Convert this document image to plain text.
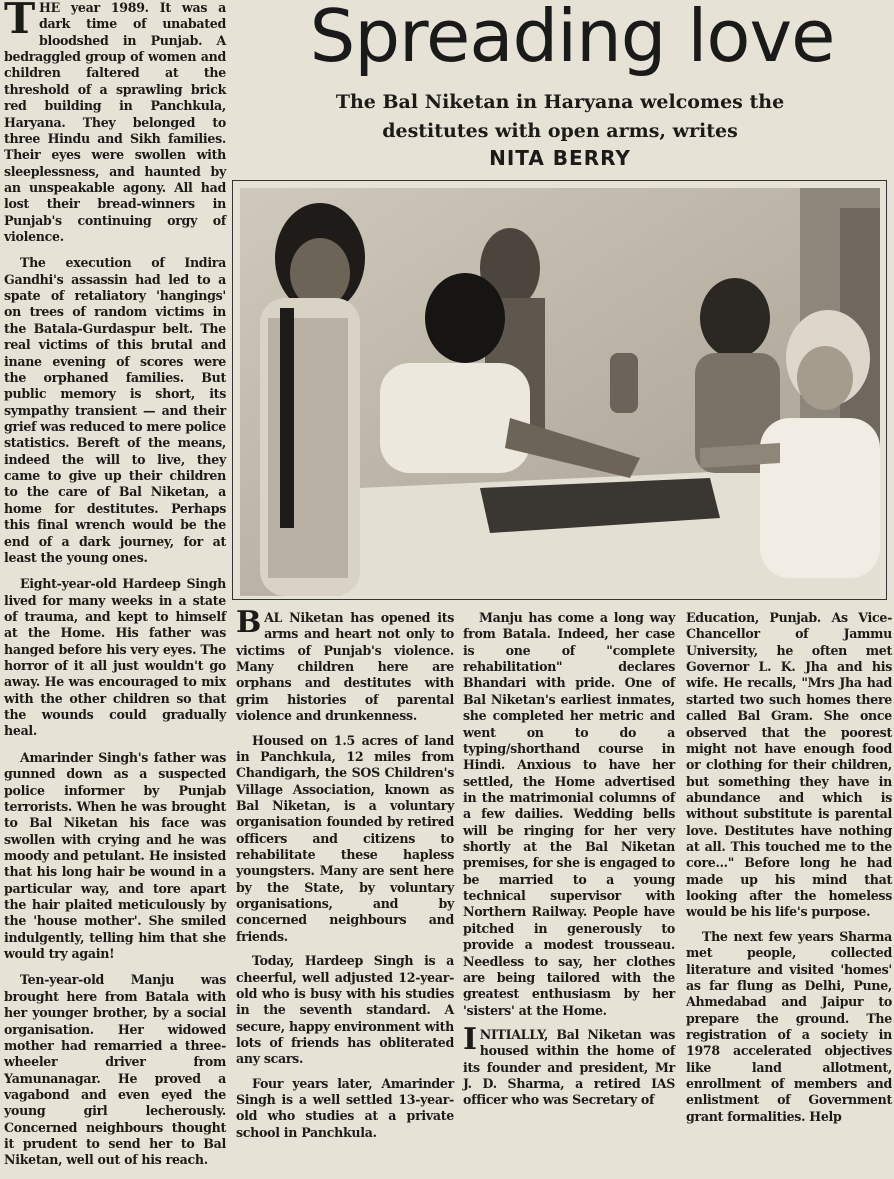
THE year 1989. It was a dark time of unabated bloodshed in Punjab. A bedraggled group of women and children faltered at the threshold of a sprawling brick red building in Panchkula, Haryana. They belonged to three Hindu and Sikh families. Their eyes were swollen with sleeplessness, and haunted by an unspeakable agony. All had lost their bread-winners in Punjab's continuing orgy of violence.

The execution of Indira Gandhi's assassin had led to a spate of retaliatory 'hangings' on trees of random victims in the Batala-Gurdaspur belt. The real victims of this brutal and inane evening of scores were the orphaned families. But public memory is short, its sympathy transient — and their grief was reduced to mere police statistics. Bereft of the means, indeed the will to live, they came to give up their children to the care of Bal Niketan, a home for destitutes. Perhaps this final wrench would be the end of a dark journey, for at least the young ones.

Eight-year-old Hardeep Singh lived for many weeks in a state of trauma, and kept to himself at the Home. His father was hanged before his very eyes. The horror of it all just wouldn't go away. He was encouraged to mix with the other children so that the wounds could gradually heal.

Amarinder Singh's father was gunned down as a suspected police informer by Punjab terrorists. When he was brought to Bal Niketan his face was swollen with crying and he was moody and petulant. He insisted that his long hair be wound in a particular way, and tore apart the hair plaited meticulously by the 'house mother'. She smiled indulgently, telling him that she would try again!

Ten-year-old Manju was brought here from Batala with her younger brother, by a social organisation. Her widowed mother had remarried a three-wheeler driver from Yamunanagar. He proved a vagabond and even eyed the young girl lecherously. Concerned neighbours thought it prudent to send her to Bal Niketan, well out of his reach.

Spreading love
The Bal Niketan in Haryana welcomes the
destitutes with open arms, writes
NITA BERRY

BAL Niketan has opened its arms and heart not only to victims of Punjab's violence. Many children here are orphans and destitutes with grim histories of parental violence and drunkenness.

Housed on 1.5 acres of land in Panchkula, 12 miles from Chandigarh, the SOS Children's Village Association, known as Bal Niketan, is a voluntary organisation founded by retired officers and citizens to rehabilitate these hapless youngsters. Many are sent here by the State, by voluntary organisations, and by concerned neighbours and friends.

Today, Hardeep Singh is a cheerful, well adjusted 12-year-old who is busy with his studies in the seventh standard. A secure, happy environment with lots of friends has obliterated any scars.

Four years later, Amarinder Singh is a well settled 13-year-old who studies at a private school in Panchkula.

Manju has come a long way from Batala. Indeed, her case is one of "complete rehabilitation" declares Bhandari with pride. One of Bal Niketan's earliest inmates, she completed her metric and went on to do a typing/shorthand course in Hindi. Anxious to have her settled, the Home advertised in the matrimonial columns of a few dailies. Wedding bells will be ringing for her very shortly at the Bal Niketan premises, for she is engaged to be married to a young technical supervisor with Northern Railway. People have pitched in generously to provide a modest trousseau. Needless to say, her clothes are being tailored with the greatest enthusiasm by her 'sisters' at the Home.

INITIALLY, Bal Niketan was housed within the home of its founder and president, Mr J. D. Sharma, a retired IAS officer who was Secretary of

Education, Punjab. As Vice-Chancellor of Jammu University, he often met Governor L. K. Jha and his wife. He recalls, "Mrs Jha had started two such homes there called Bal Gram. She once observed that the poorest might not have enough food or clothing for their children, but something they have in abundance and which is without substitute is parental love. Destitutes have nothing at all. This touched me to the core..." Before long he had made up his mind that looking after the homeless would be his life's purpose.

The next few years Sharma met people, collected literature and visited 'homes' as far flung as Delhi, Pune, Ahmedabad and Jaipur to prepare the ground. The registration of a society in 1978 accelerated objectives like land allotment, enrollment of members and enlistment of Government grant formalities. Help
